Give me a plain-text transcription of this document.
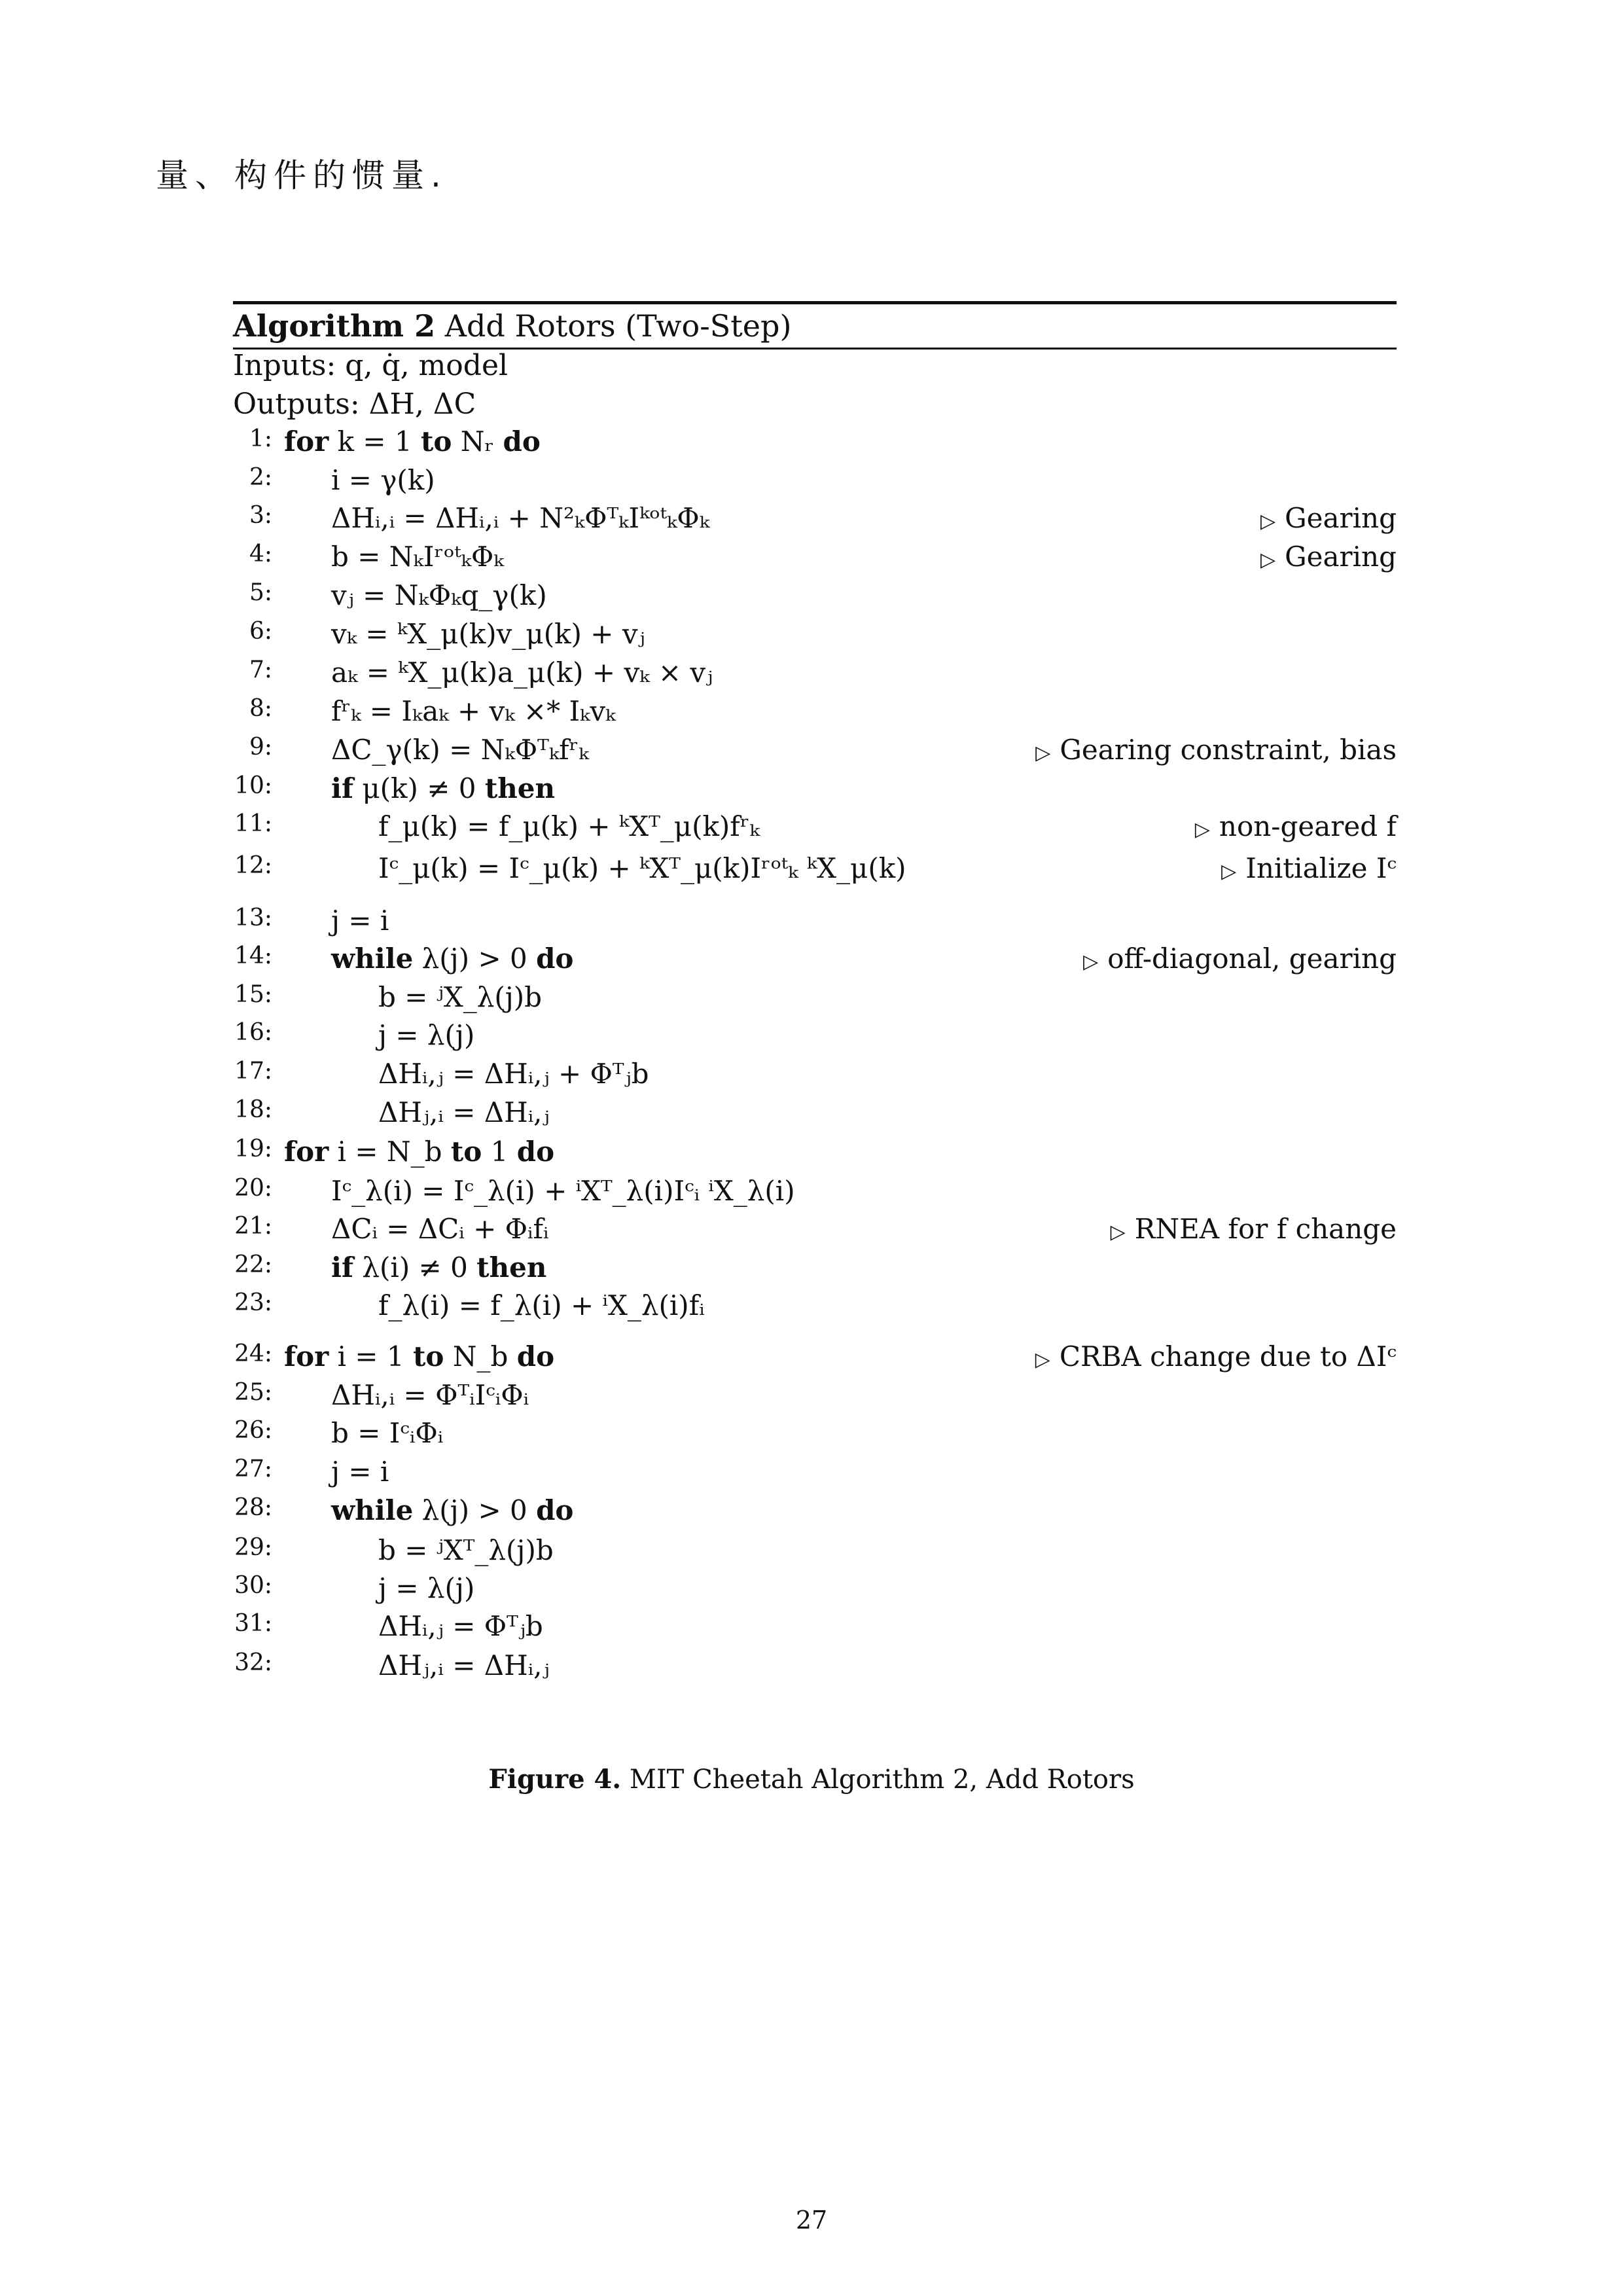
量、构件的惯量.
Algorithm 2 Add Rotors (Two-Step)
Inputs: q, q̇, model
Outputs: ΔH, ΔC
1: for k = 1 to Nᵣ do
2: i = γ(k)
3: ΔHᵢ,ᵢ = ΔHᵢ,ᵢ + N²ₖΦᵀₖIᵏᵒᵗₖΦₖ	▷ Gearing
4: b = NₖIʳᵒᵗₖΦₖ	▷ Gearing
5: vⱼ = NₖΦₖq_γ(k)
6: vₖ = ᵏX_μ(k)v_μ(k) + vⱼ
7: aₖ = ᵏX_μ(k)a_μ(k) + vₖ × vⱼ
8: fʳₖ = Iₖaₖ + vₖ ×* Iₖvₖ
9: ΔC_γ(k) = NₖΦᵀₖfʳₖ	▷ Gearing constraint, bias
10: if μ(k) ≠ 0 then
11:	f_μ(k) = f_μ(k) + ᵏXᵀ_μ(k)fʳₖ	▷ non-geared f
12:	Iᶜ_μ(k) = Iᶜ_μ(k) + ᵏXᵀ_μ(k)Iʳᵒᵗₖ ᵏX_μ(k)	▷ Initialize Iᶜ
13: j = i
14: while λ(j) > 0 do	▷ off-diagonal, gearing
15:	b = ʲX_λ(j)b
16:	j = λ(j)
17:	ΔHᵢ,ⱼ = ΔHᵢ,ⱼ + Φᵀⱼb
18:	ΔHⱼ,ᵢ = ΔHᵢ,ⱼ
19: for i = N_b to 1 do
20: Iᶜ_λ(i) = Iᶜ_λ(i) + ⁱXᵀ_λ(i)Iᶜᵢ ⁱX_λ(i)
21: ΔCᵢ = ΔCᵢ + Φᵢfᵢ	▷ RNEA for f change
22: if λ(i) ≠ 0 then
23:	f_λ(i) = f_λ(i) + ⁱX_λ(i)fᵢ
24: for i = 1 to N_b do	▷ CRBA change due to ΔIᶜ
25: ΔHᵢ,ᵢ = ΦᵀᵢIᶜᵢΦᵢ
26: b = IᶜᵢΦᵢ
27: j = i
28: while λ(j) > 0 do
29:	b = ʲXᵀ_λ(j)b
30:	j = λ(j)
31:	ΔHᵢ,ⱼ = Φᵀⱼb
32:	ΔHⱼ,ᵢ = ΔHᵢ,ⱼ
Figure 4. MIT Cheetah Algorithm 2, Add Rotors
27
